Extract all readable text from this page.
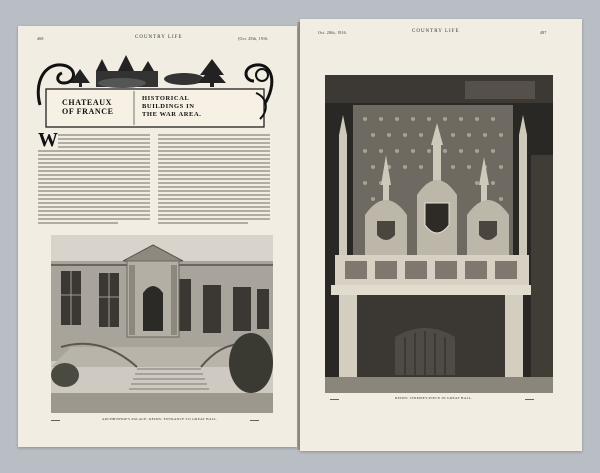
468	COUNTRY LIFE	[Oct. 28th, 1916.
CHATEAUX
OF FRANCE
HISTORICAL
BUILDINGS IN
THE WAR AREA.
W
▬▬▬	ARCHBISHOP'S PALACE, REIMS: ENTRANCE TO GREAT HALL.	▬▬▬
Oct. 28th, 1916.	COUNTRY LIFE	487
▬▬▬	REIMS: CHIMNEY-PIECE IN GREAT HALL.	▬▬▬
